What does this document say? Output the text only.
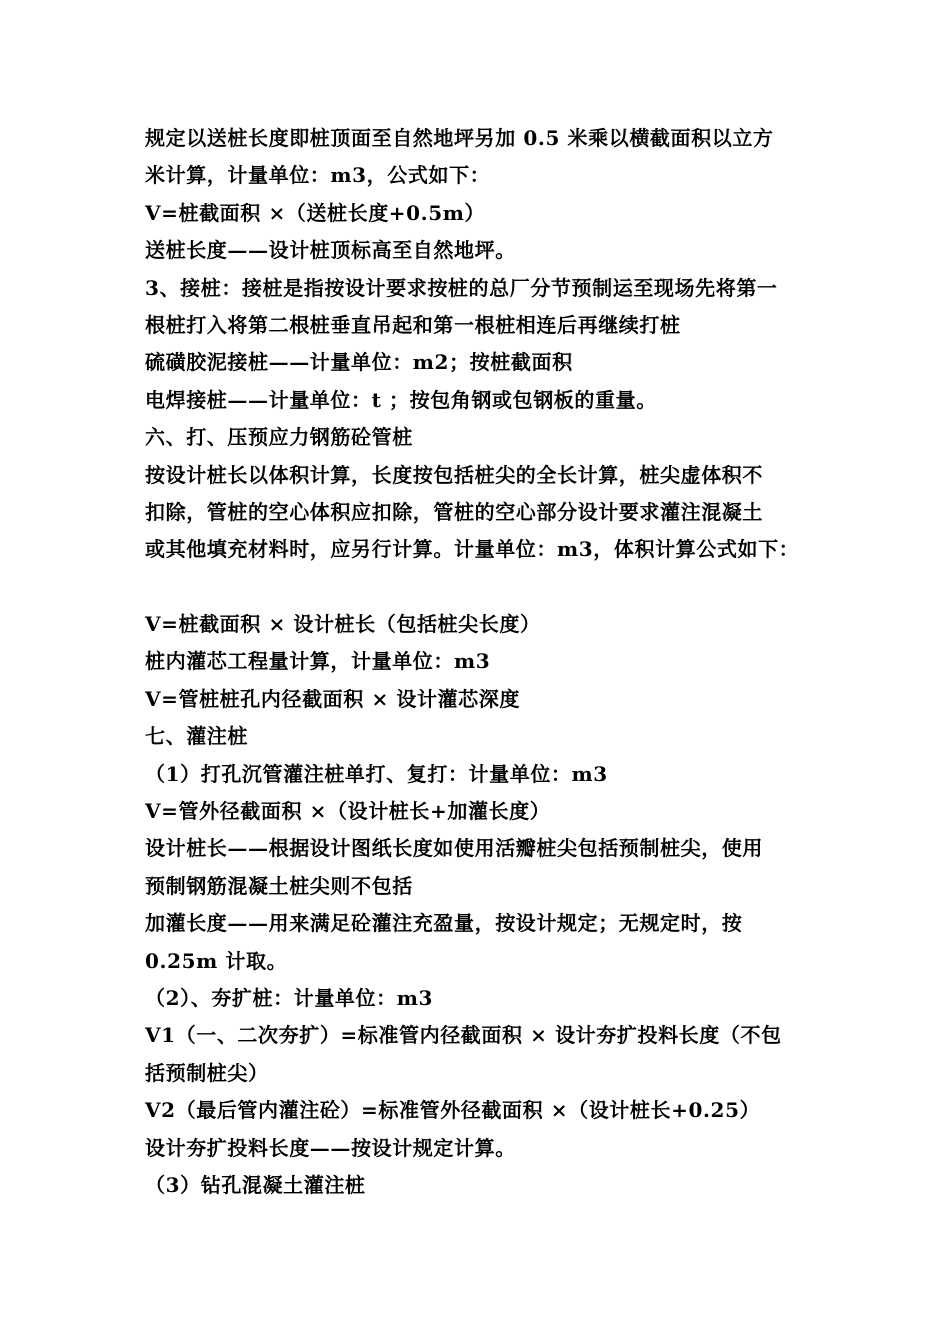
规定以送桩长度即桩顶面至自然地坪另加 0.5 米乘以横截面积以立方
米计算，计量单位：m3，公式如下：
V=桩截面积 ×（送桩长度+0.5m）
送桩长度——设计桩顶标高至自然地坪。
3、接桩：接桩是指按设计要求按桩的总厂分节预制运至现场先将第一
根桩打入将第二根桩垂直吊起和第一根桩相连后再继续打桩
硫磺胶泥接桩——计量单位：m2；按桩截面积
电焊接桩——计量单位：t ；按包角钢或包钢板的重量。
六、打、压预应力钢筋砼管桩
按设计桩长以体积计算，长度按包括桩尖的全长计算，桩尖虚体积不
扣除，管桩的空心体积应扣除，管桩的空心部分设计要求灌注混凝土
或其他填充材料时，应另行计算。计量单位：m3，体积计算公式如下：
V=桩截面积 × 设计桩长（包括桩尖长度）
桩内灌芯工程量计算，计量单位：m3
V=管桩桩孔内径截面积 × 设计灌芯深度
七、灌注桩
（1）打孔沉管灌注桩单打、复打：计量单位：m3
V=管外径截面积 ×（设计桩长+加灌长度）
设计桩长——根据设计图纸长度如使用活瓣桩尖包括预制桩尖，使用
预制钢筋混凝土桩尖则不包括
加灌长度——用来满足砼灌注充盈量，按设计规定；无规定时，按
0.25m 计取。
（2）、夯扩桩：计量单位：m3
V1（一、二次夯扩）=标准管内径截面积 × 设计夯扩投料长度（不包
括预制桩尖）
V2（最后管内灌注砼）=标准管外径截面积 ×（设计桩长+0.25）
设计夯扩投料长度——按设计规定计算。
（3）钻孔混凝土灌注桩
